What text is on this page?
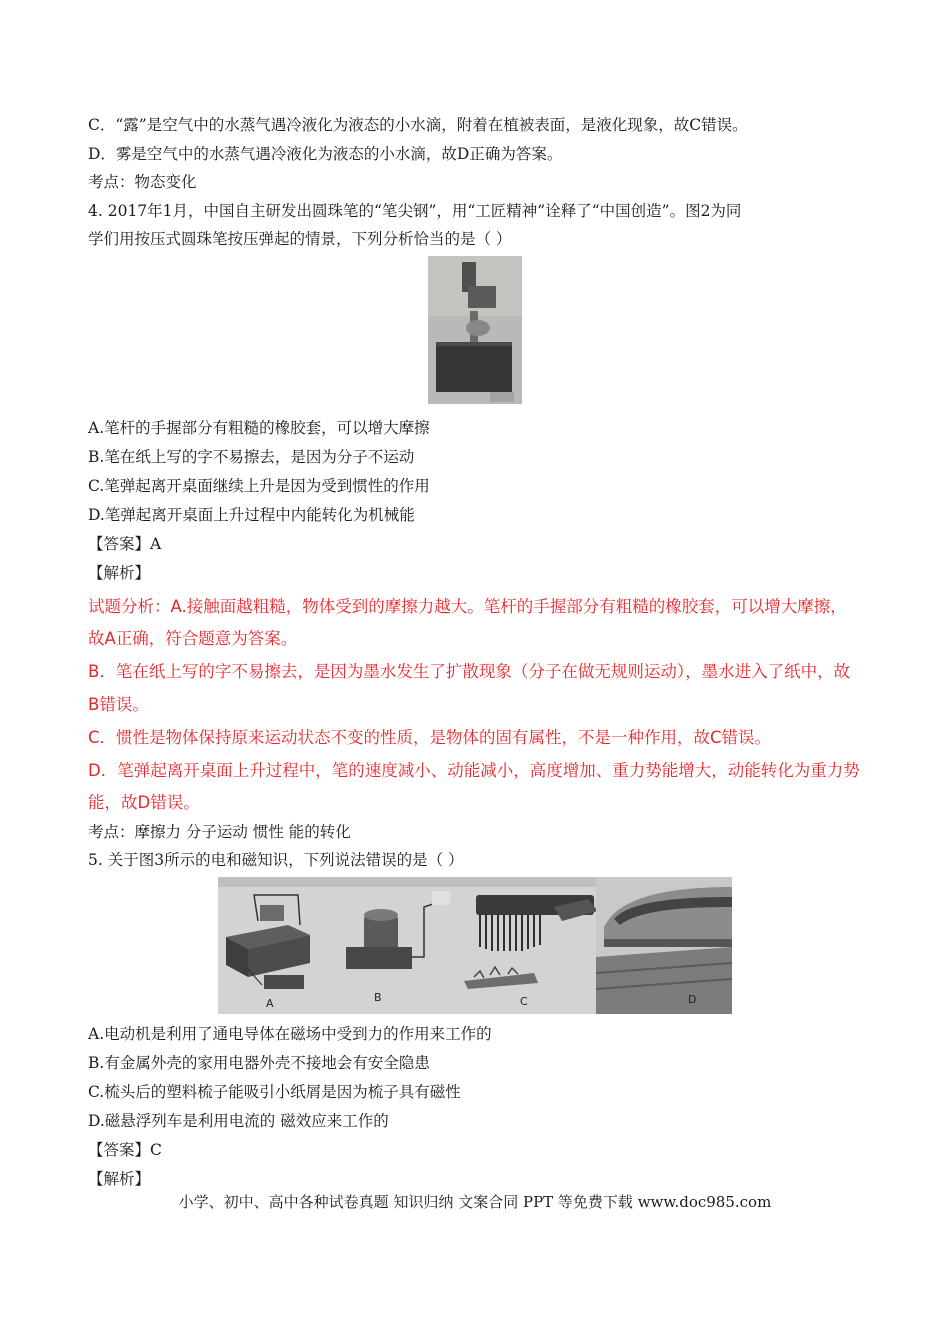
C．“露”是空气中的水蒸气遇冷液化为液态的小水滴，附着在植被表面，是液化现象，故C错误。
D．雾是空气中的水蒸气遇冷液化为液态的小水滴，故D正确为答案。
考点：物态变化
4. 2017年1月，中国自主研发出圆珠笔的“笔尖钢”，用“工匠精神”诠释了“中国创造”。图2为同
学们用按压式圆珠笔按压弹起的情景，下列分析恰当的是（ ）
A.笔杆的手握部分有粗糙的橡胶套，可以增大摩擦
B.笔在纸上写的字不易擦去，是因为分子不运动
C.笔弹起离开桌面继续上升是因为受到惯性的作用
D.笔弹起离开桌面上升过程中内能转化为机械能
【答案】A
【解析】
试题分析：A.接触面越粗糙，物体受到的摩擦力越大。笔杆的手握部分有粗糙的橡胶套，可以增大摩擦，
故A正确，符合题意为答案。
B．笔在纸上写的字不易擦去，是因为墨水发生了扩散现象（分子在做无规则运动），墨水进入了纸中，故
B错误。
C．惯性是物体保持原来运动状态不变的性质，是物体的固有属性，不是一种作用，故C错误。
D．笔弹起离开桌面上升过程中，笔的速度减小、动能减小，高度增加、重力势能增大，动能转化为重力势
能，故D错误。
考点：摩擦力 分子运动 惯性 能的转化
5. 关于图3所示的电和磁知识，下列说法错误的是（ ）
A	B	C	D
A.电动机是利用了通电导体在磁场中受到力的作用来工作的
B.有金属外壳的家用电器外壳不接地会有安全隐患
C.梳头后的塑料梳子能吸引小纸屑是因为梳子具有磁性
D.磁悬浮列车是利用电流的 磁效应来工作的
【答案】C
【解析】
小学、初中、高中各种试卷真题 知识归纳 文案合同 PPT 等免费下载 www.doc985.com
